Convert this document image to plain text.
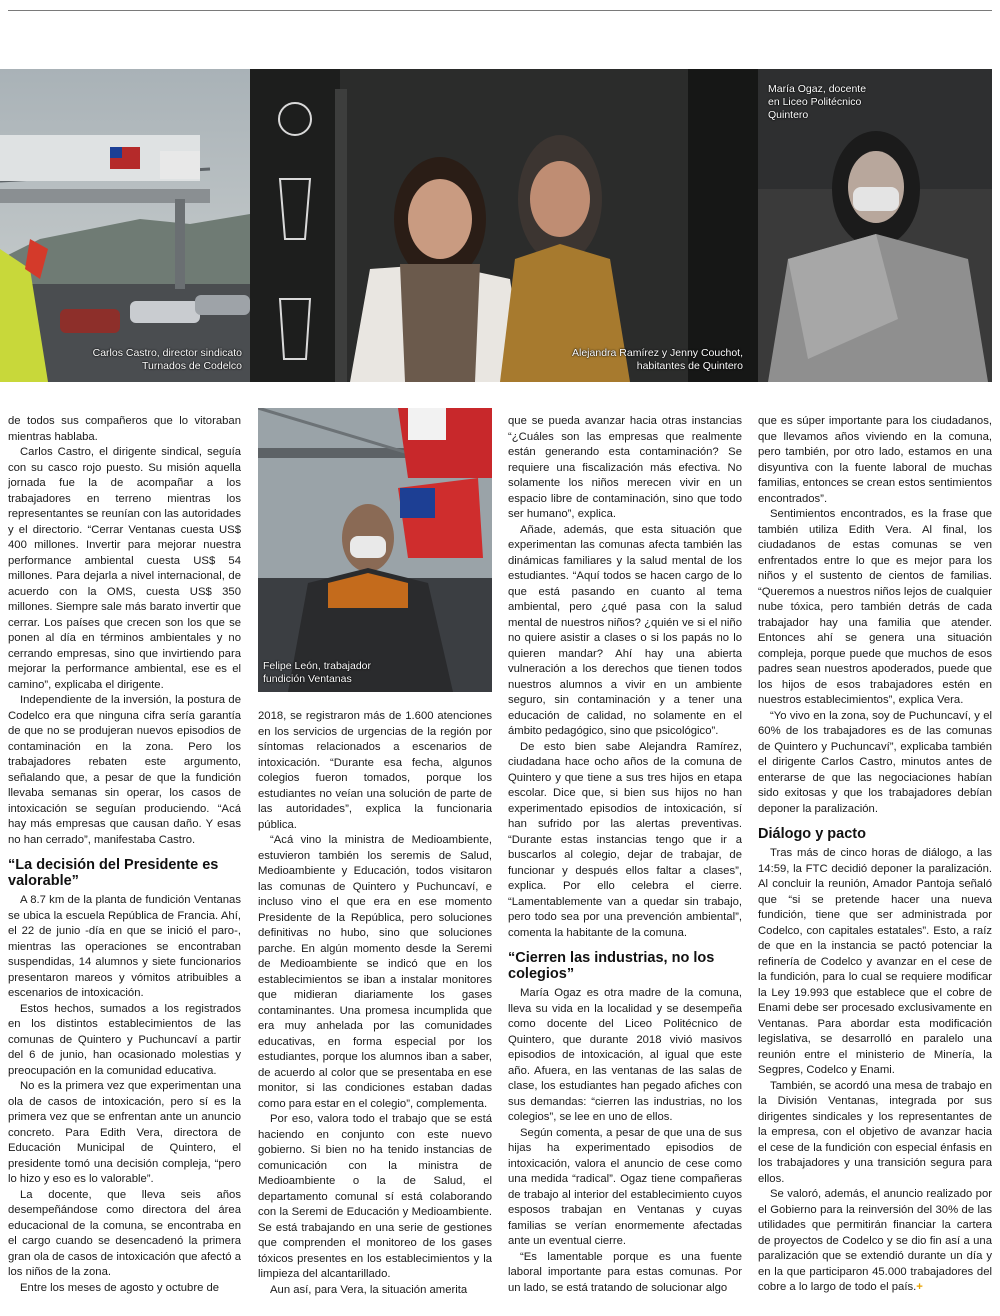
Carlos Castro, director sindicato Turnados de Codelco
Alejandra Ramírez y Jenny Couchot, habitantes de Quintero
María Ogaz, docente en Liceo Politécnico Quintero

de todos sus compañeros que lo vitoraban mientras hablaba.

Carlos Castro, el dirigente sindical, seguía con su casco rojo puesto. Su misión aquella jornada fue la de acompañar a los trabajadores en terreno mientras los representantes se reunían con las autoridades y el directorio. “Cerrar Ventanas cuesta US$ 400 millones. Invertir para mejorar nuestra performance ambiental cuesta US$ 54 millones. Para dejarla a nivel internacional, de acuerdo con la OMS, cuesta US$ 350 millones. Siempre sale más barato invertir que cerrar. Los países que crecen son los que se ponen al día en términos ambientales y no cerrando empresas, sino que invirtiendo para mejorar la performance ambiental, ese es el camino”, explicaba el dirigente.

Independiente de la inversión, la postura de Codelco era que ninguna cifra sería garantía de que no se produjeran nuevos episodios de contaminación en la zona. Pero los trabajadores rebaten este argumento, señalando que, a pesar de que la fundición llevaba semanas sin operar, los casos de intoxicación se seguían produciendo. “Acá hay más empresas que causan daño. Y esas no han cerrado”, manifestaba Castro.

“La decisión del Presidente es valorable”

A 8.7 km de la planta de fundición Ventanas se ubica la escuela República de Francia. Ahí, el 22 de junio -día en que se inició el paro-, mientras las operaciones se encontraban suspendidas, 14 alumnos y siete funcionarios presentaron mareos y vómitos atribuibles a escenarios de intoxicación.

Estos hechos, sumados a los registrados en los distintos establecimientos de las comunas de Quintero y Puchuncaví a partir del 6 de junio, han ocasionado molestias y preocupación en la comunidad educativa.

No es la primera vez que experimentan una ola de casos de intoxicación, pero sí es la primera vez que se enfrentan ante un anuncio concreto. Para Edith Vera, directora de Educación Municipal de Quintero, el presidente tomó una decisión compleja, “pero lo hizo y eso es lo valorable”.

La docente, que lleva seis años desempeñándose como directora del área educacional de la comuna, se encontraba en el cargo cuando se desencadenó la primera gran ola de casos de intoxicación que afectó a los niños de la zona.

Entre los meses de agosto y octubre de

Felipe León, trabajador fundición Ventanas

2018, se registraron más de 1.600 atenciones en los servicios de urgencias de la región por síntomas relacionados a escenarios de intoxicación. “Durante esa fecha, algunos colegios fueron tomados, porque los estudiantes no veían una solución de parte de las autoridades”, explica la funcionaria pública.

“Acá vino la ministra de Medioambiente, estuvieron también los seremis de Salud, Medioambiente y Educación, todos visitaron las comunas de Quintero y Puchuncaví, e incluso vino el que era en ese momento Presidente de la República, pero soluciones definitivas no hubo, sino que soluciones parche. En algún momento desde la Seremi de Medioambiente se indicó que en los establecimientos se iban a instalar monitores que midieran diariamente los gases contaminantes. Una promesa incumplida que era muy anhelada por las comunidades educativas, en forma especial por los estudiantes, porque los alumnos iban a saber, de acuerdo al color que se presentaba en ese monitor, si las condiciones estaban dadas como para estar en el colegio”, complementa.

Por eso, valora todo el trabajo que se está haciendo en conjunto con este nuevo gobierno. Si bien no ha tenido instancias de comunicación con la ministra de Medioambiente o la de Salud, el departamento comunal sí está colaborando con la Seremi de Educación y Medioambiente. Se está trabajando en una serie de gestiones que comprenden el monitoreo de los gases tóxicos presentes en los establecimientos y la limpieza del alcantarillado.

Aun así, para Vera, la situación amerita

que se pueda avanzar hacia otras instancias “¿Cuáles son las empresas que realmente están generando esta contaminación? Se requiere una fiscalización más efectiva. No solamente los niños merecen vivir en un espacio libre de contaminación, sino que todo ser humano”, explica.

Añade, además, que esta situación que experimentan las comunas afecta también las dinámicas familiares y la salud mental de los estudiantes. “Aquí todos se hacen cargo de lo que está pasando en cuanto al tema ambiental, pero ¿qué pasa con la salud mental de nuestros niños? ¿quién ve si el niño no quiere asistir a clases o si los papás no lo quieren mandar? Ahí hay una abierta vulneración a los derechos que tienen todos nuestros alumnos a vivir en un ambiente seguro, sin contaminación y a tener una educación de calidad, no solamente en el ámbito pedagógico, sino que psicológico”.

De esto bien sabe Alejandra Ramírez, ciudadana hace ocho años de la comuna de Quintero y que tiene a sus tres hijos en etapa escolar. Dice que, si bien sus hijos no han experimentado episodios de intoxicación, sí han sufrido por las alertas preventivas. “Durante estas instancias tengo que ir a buscarlos al colegio, dejar de trabajar, de funcionar y después ellos faltar a clases”, explica. Por ello celebra el cierre. “Lamentablemente van a quedar sin trabajo, pero todo sea por una prevención ambiental”, comenta la habitante de la comuna.

“Cierren las industrias, no los colegios”

María Ogaz es otra madre de la comuna, lleva su vida en la localidad y se desempeña como docente del Liceo Politécnico de Quintero, que durante 2018 vivió masivos episodios de intoxicación, al igual que este año. Afuera, en las ventanas de las salas de clase, los estudiantes han pegado afiches con sus demandas: “cierren las industrias, no los colegios”, se lee en uno de ellos.

Según comenta, a pesar de que una de sus hijas ha experimentado episodios de intoxicación, valora el anuncio de cese como una medida “radical”. Ogaz tiene compañeras de trabajo al interior del establecimiento cuyos esposos trabajan en Ventanas y cuyas familias se verían enormemente afectadas ante un eventual cierre.

“Es lamentable porque es una fuente laboral importante para estas comunas. Por un lado, se está tratando de solucionar algo

que es súper importante para los ciudadanos, que llevamos años viviendo en la comuna, pero también, por otro lado, estamos en una disyuntiva con la fuente laboral de muchas familias, entonces se crean estos sentimientos encontrados”.

Sentimientos encontrados, es la frase que también utiliza Edith Vera. Al final, los ciudadanos de estas comunas se ven enfrentados entre lo que es mejor para los niños y el sustento de cientos de familias. “Queremos a nuestros niños lejos de cualquier nube tóxica, pero también detrás de cada trabajador hay una familia que atender. Entonces ahí se genera una situación compleja, porque puede que muchos de esos padres sean nuestros apoderados, puede que los hijos de esos trabajadores estén en nuestros establecimientos”, explica Vera.

“Yo vivo en la zona, soy de Puchuncaví, y el 60% de los trabajadores es de las comunas de Quintero y Puchuncaví”, explicaba también el dirigente Carlos Castro, minutos antes de enterarse de que las negociaciones habían sido exitosas y que los trabajadores debían deponer la paralización.

Diálogo y pacto

Tras más de cinco horas de diálogo, a las 14:59, la FTC decidió deponer la paralización. Al concluir la reunión, Amador Pantoja señaló que “si se pretende hacer una nueva fundición, tiene que ser administrada por Codelco, con capitales estatales”. Esto, a raíz de que en la instancia se pactó potenciar la refinería de Codelco y avanzar en el cese de la fundición, para lo cual se requiere modificar la Ley 19.993 que establece que el cobre de Enami debe ser procesado exclusivamente en Ventanas. Para abordar esta modificación legislativa, se desarrolló en paralelo una reunión entre el ministerio de Minería, la Segpres, Codelco y Enami.

También, se acordó una mesa de trabajo en la División Ventanas, integrada por sus dirigentes sindicales y los representantes de la empresa, con el objetivo de avanzar hacia el cese de la fundición con especial énfasis en los trabajadores y una transición segura para ellos.

Se valoró, además, el anuncio realizado por el Gobierno para la reinversión del 30% de las utilidades que permitirán financiar la cartera de proyectos de Codelco y se dio fin así a una paralización que se extendió durante un día y en la que participaron 45.000 trabajadores del cobre a lo largo de todo el país.+
